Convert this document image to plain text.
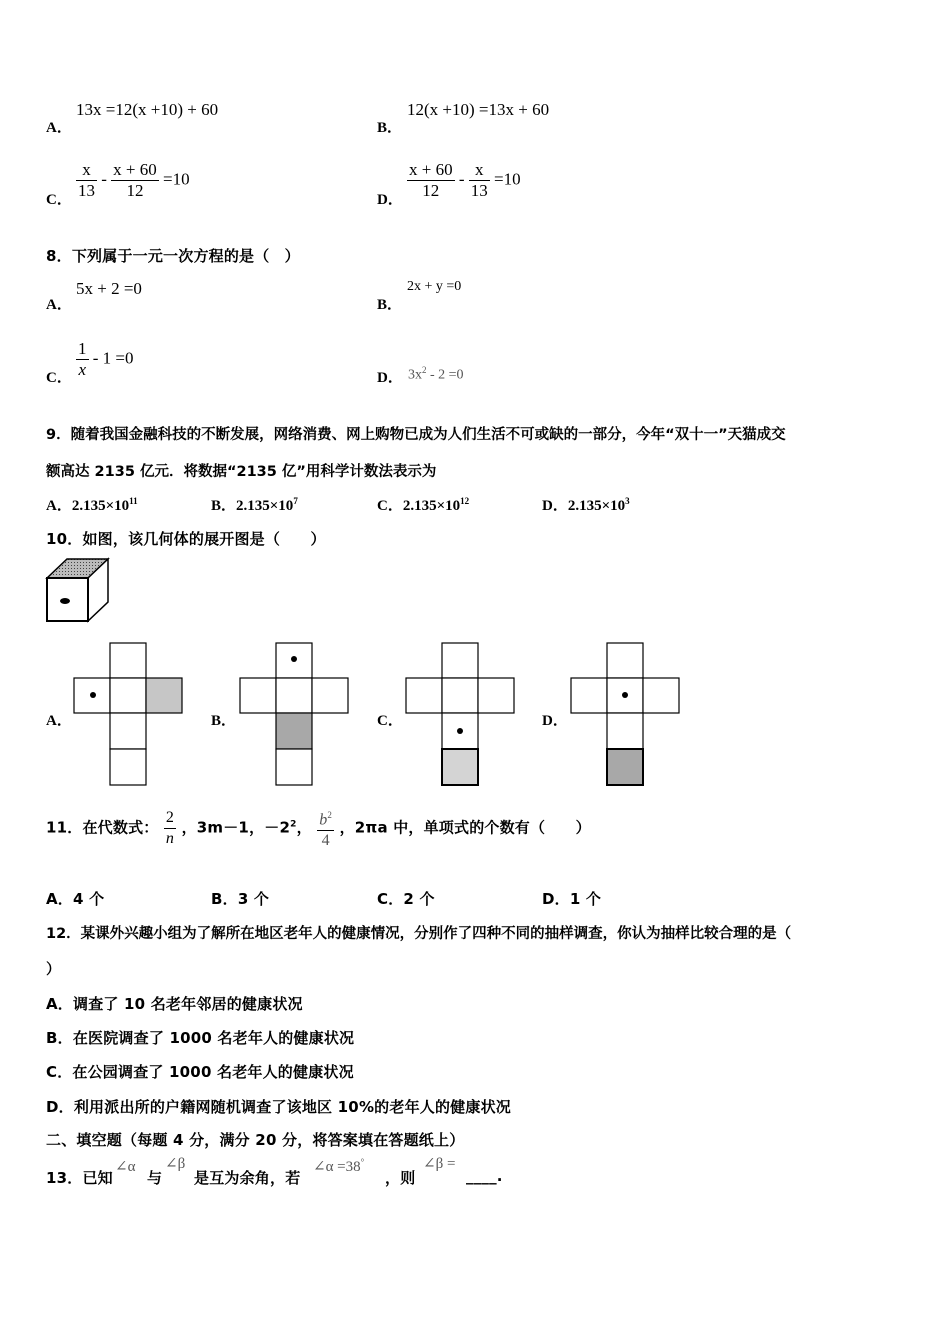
A．
13x =12(x +10) + 60
B．
12(x +10) =13x + 60
C． $\frac{x}{13} - \frac{x + 60}{12} =10$
D． $\frac{x + 60}{12} - \frac{x}{13} =10$
8．下列属于一元一次方程的是（　）
A．
5x + 2 =0
B．
2x + y =0
C． $\frac{1}{x} - 1 =0$
D． $3x^2 - 2 =0$
9．随着我国金融科技的不断发展，网络消费、网上购物已成为人们生活不可或缺的一部分，今年“双十一”天猫成交
额高达 2135 亿元．将数据“2135 亿”用科学计数法表示为
A．$2.135\times 10^{11}$	B．$2.135\times 10^7$	C．$2.135\times 10^{12}$	D．$2.135\times 10^3$
10．如图，该几何体的展开图是（　　）
A．	B．	C．	D．
11．在代数式： $\frac{2}{n}$ ，3m－1，$-2^2$， $\frac{b^2}{4}$ ，2πa 中，单项式的个数有（　　）
A．4 个	B．3 个	C．2 个	D．1 个
12．某课外兴趣小组为了解所在地区老年人的健康情况，分别作了四种不同的抽样调查，你认为抽样比较合理的是（
）
A．调查了 10 名老年邻居的健康状况
B．在医院调查了 1000 名老年人的健康状况
C．在公园调查了 1000 名老年人的健康状况
D．利用派出所的户籍网随机调查了该地区 10%的老年人的健康状况
二、填空题（每题 4 分，满分 20 分，将答案填在答题纸上）
13．已知
∠α
与
∠β
是互为余角，若
∠α =38°
，则
∠β =
____.
